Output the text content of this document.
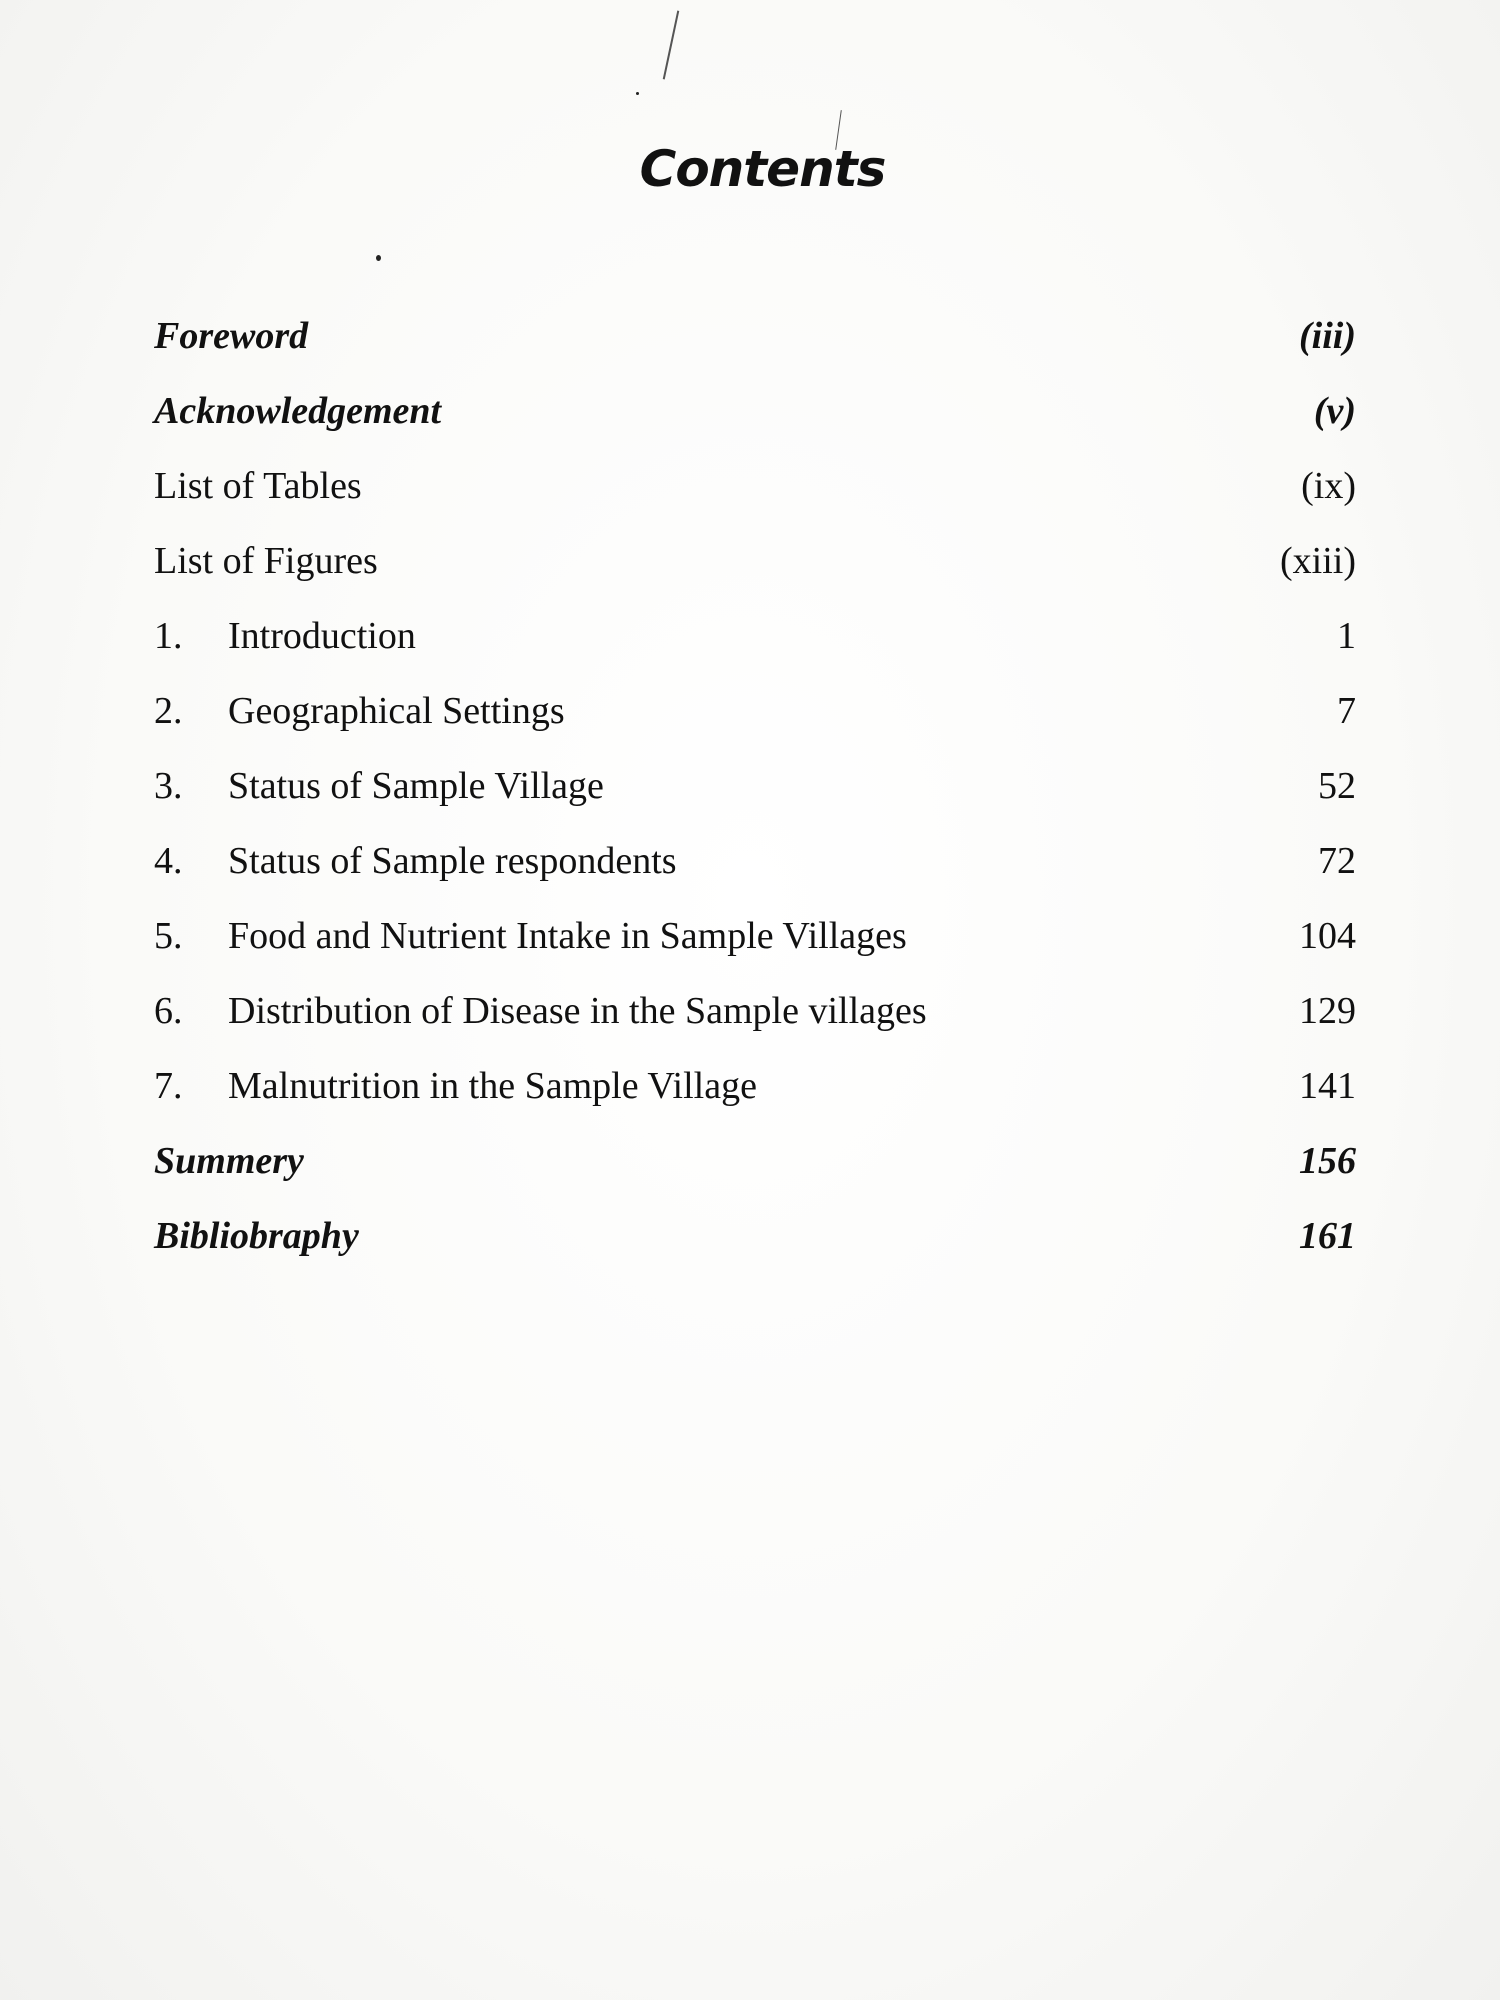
Contents
Foreword	(iii)
Acknowledgement	(v)
List of Tables	(ix)
List of Figures	(xiii)
1. Introduction	1
2. Geographical Settings	7
3. Status of Sample Village	52
4. Status of Sample respondents	72
5. Food and Nutrient Intake in Sample Villages	104
6. Distribution of Disease in the Sample villages	129
7. Malnutrition in the Sample Village	141
Summery	156
Bibliobraphy	161
